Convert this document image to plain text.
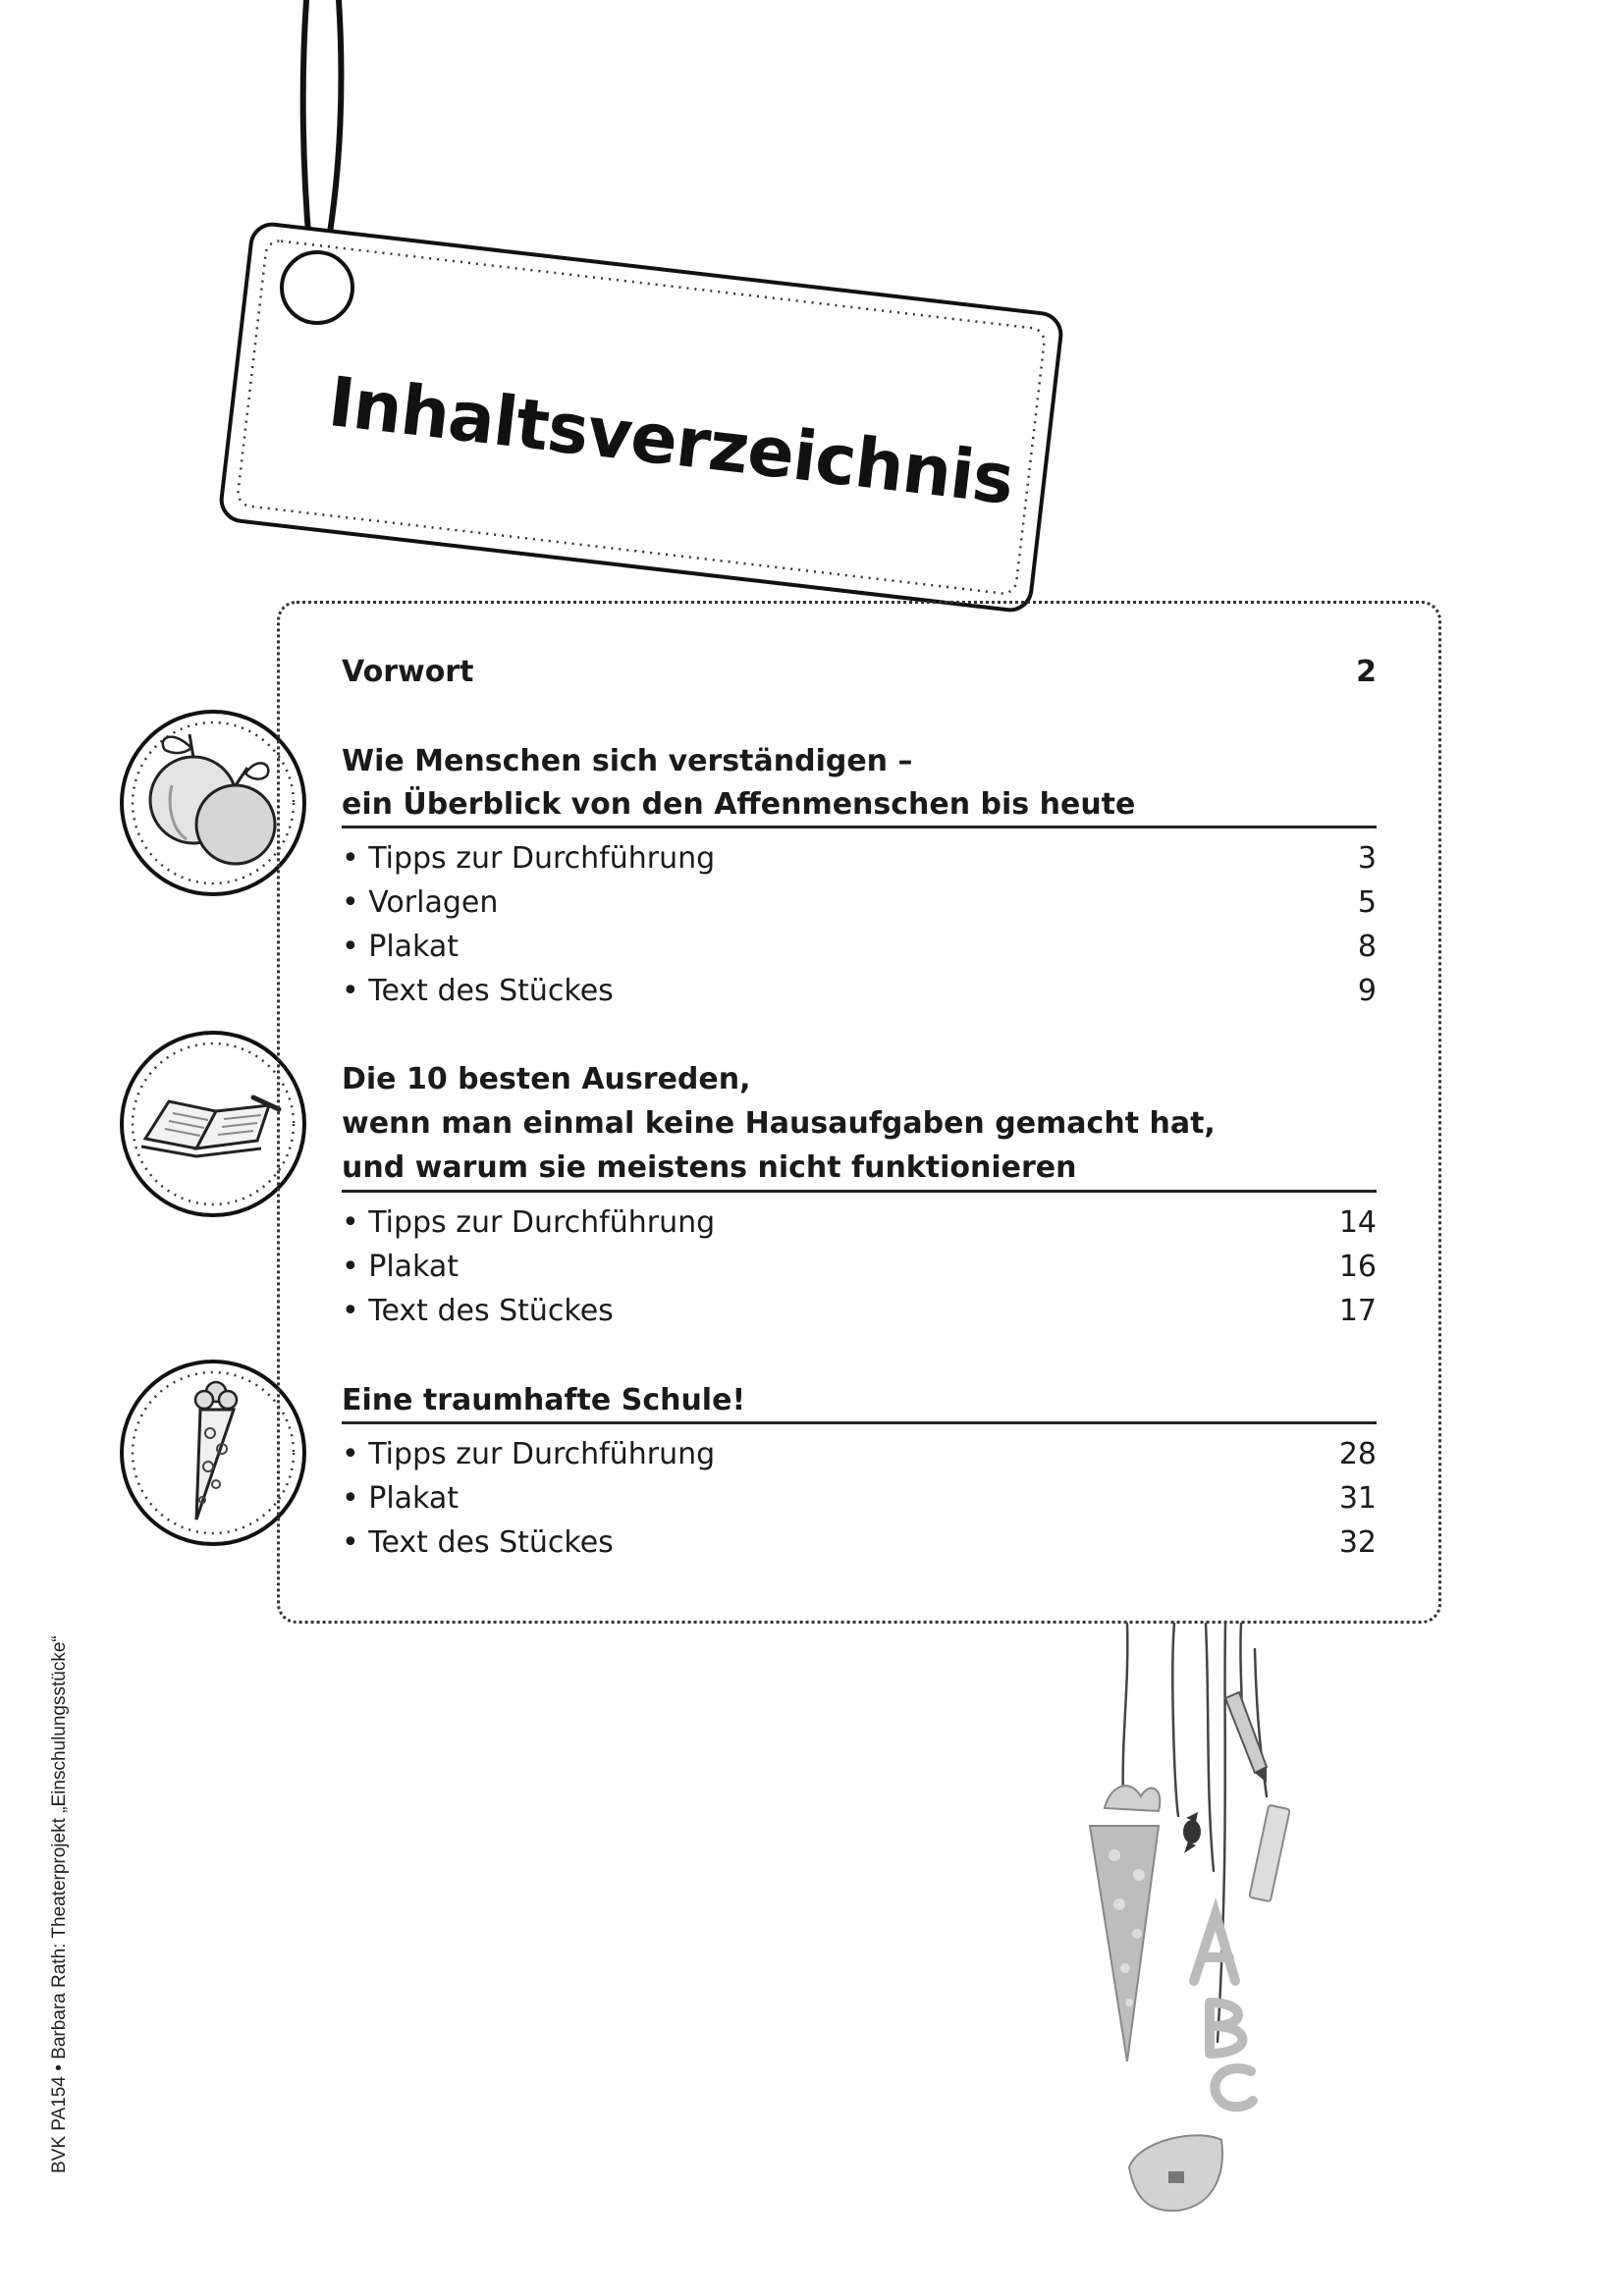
Inhaltsverzeichnis
Vorwort	2
Wie Menschen sich verständigen –
ein Überblick von den Affenmenschen bis heute
• Tipps zur Durchführung	3
• Vorlagen	5
• Plakat	8
• Text des Stückes	9
Die 10 besten Ausreden,
wenn man einmal keine Hausaufgaben gemacht hat,
und warum sie meistens nicht funktionieren
• Tipps zur Durchführung	14
• Plakat	16
• Text des Stückes	17
Eine traumhafte Schule!
• Tipps zur Durchführung	28
• Plakat	31
• Text des Stückes	32
BVK PA154 • Barbara Rath: Theaterprojekt „Einschulungsstücke“
